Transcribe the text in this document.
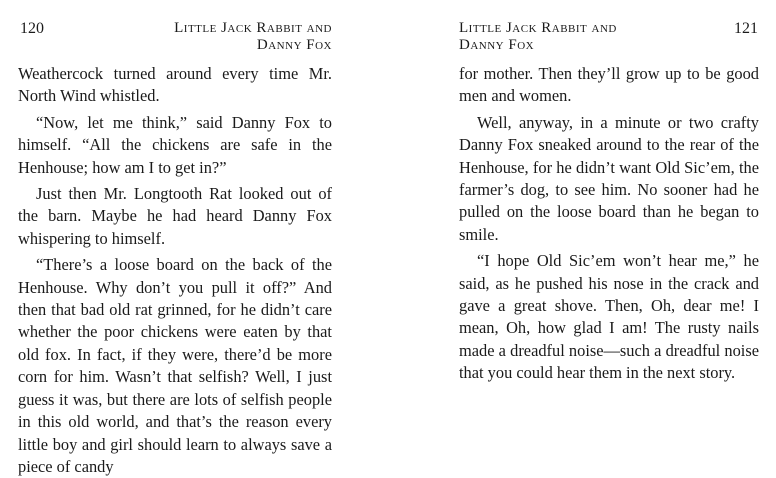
120	Little Jack Rabbit and
Danny Fox

Weathercock turned around every time Mr. North Wind whistled.

“Now, let me think,” said Danny Fox to himself. “All the chickens are safe in the Henhouse; how am I to get in?”

Just then Mr. Longtooth Rat looked out of the barn. Maybe he had heard Danny Fox whispering to himself.

“There’s a loose board on the back of the Henhouse. Why don’t you pull it off?” And then that bad old rat grinned, for he didn’t care whether the poor chickens were eaten by that old fox. In fact, if they were, there’d be more corn for him. Wasn’t that selfish? Well, I just guess it was, but there are lots of selfish people in this old world, and that’s the reason every little boy and girl should learn to always save a piece of candy

121
Little Jack Rabbit and
Danny Fox

for mother. Then they’ll grow up to be good men and women.

Well, anyway, in a minute or two crafty Danny Fox sneaked around to the rear of the Henhouse, for he didn’t want Old Sic’em, the farmer’s dog, to see him. No sooner had he pulled on the loose board than he began to smile.

“I hope Old Sic’em won’t hear me,” he said, as he pushed his nose in the crack and gave a great shove. Then, Oh, dear me! I mean, Oh, how glad I am! The rusty nails made a dreadful noise—such a dreadful noise that you could hear them in the next story.
